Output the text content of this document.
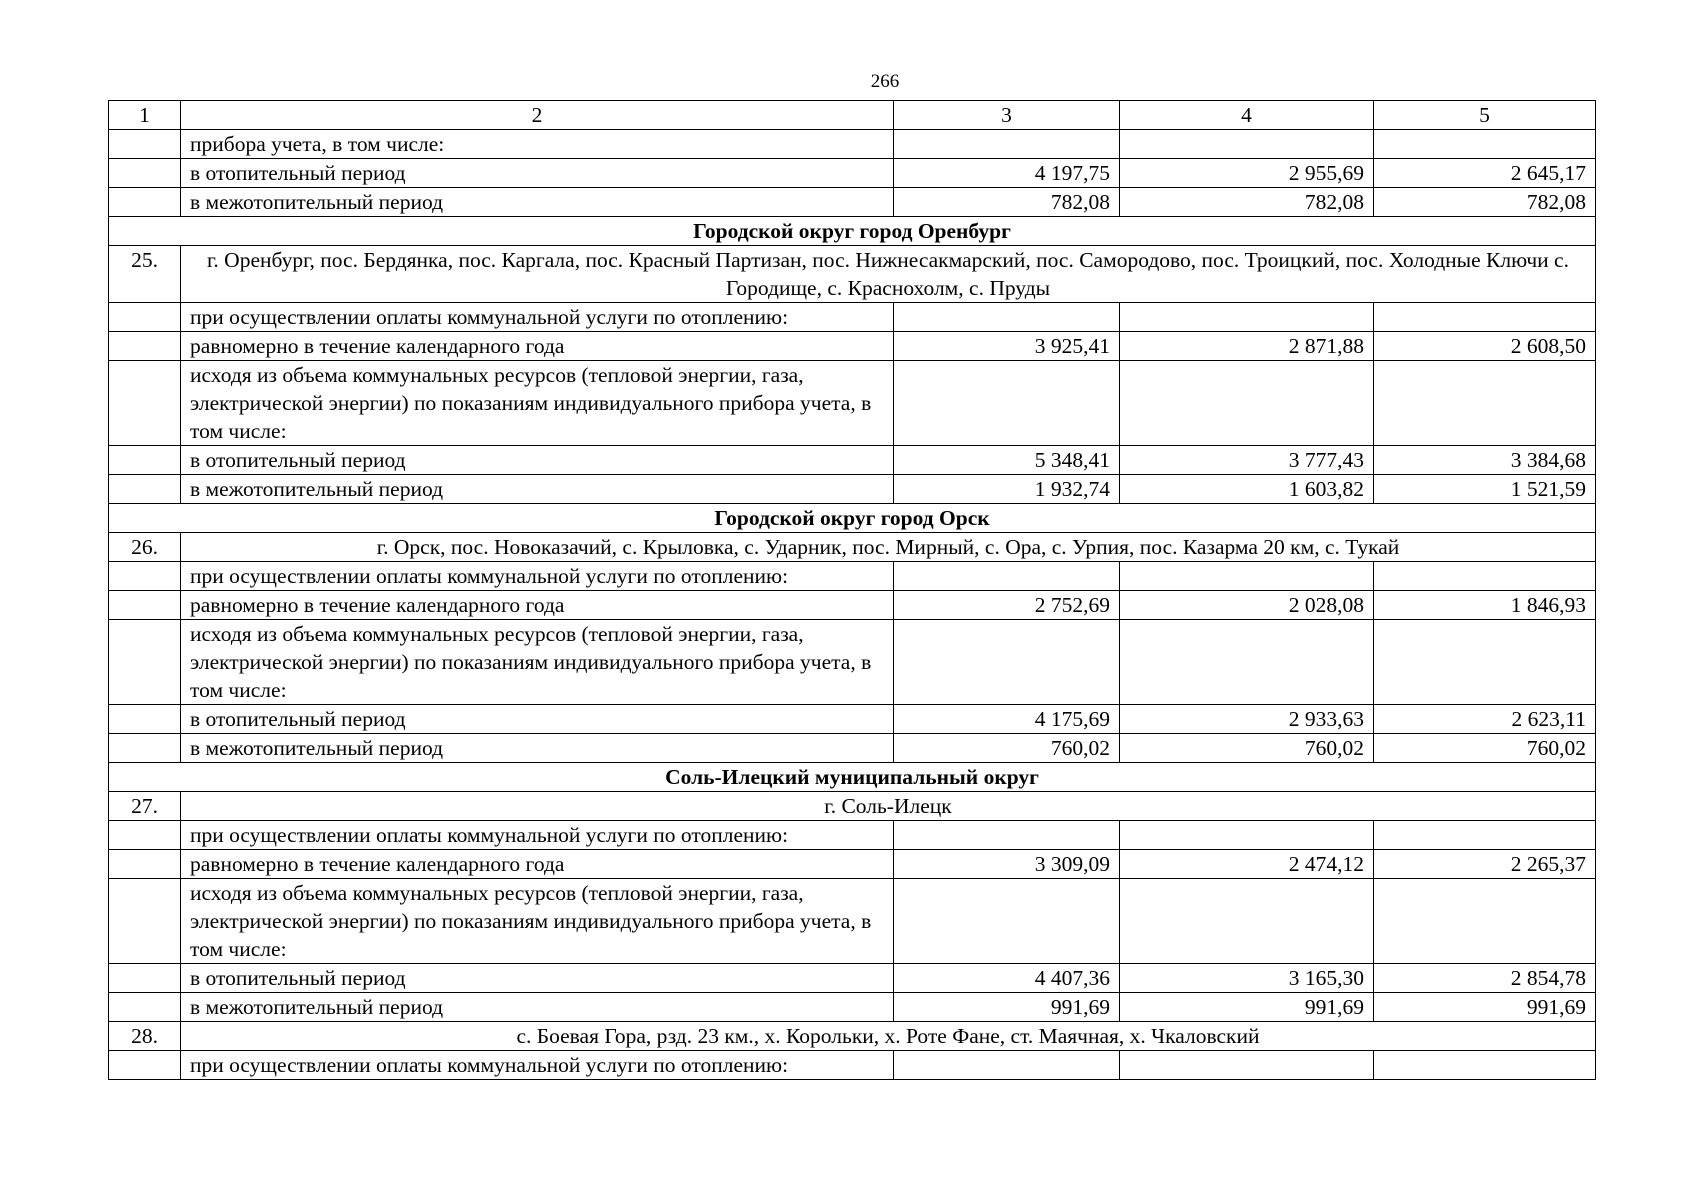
266
1	2	3	4	5
	прибора учета, в том числе:			
	в отопительный период	4 197,75	2 955,69	2 645,17
	в межотопительный период	782,08	782,08	782,08
Городской округ город Оренбург				
25.	г. Оренбург, пос. Бердянка, пос. Каргала, пос. Красный Партизан, пос. Нижнесакмарский, пос. Самородово, пос. Троицкий, пос. Холодные Ключи с. Городище, с. Краснохолм, с. Пруды			
	при осуществлении оплаты коммунальной услуги по отоплению:			
	равномерно в течение календарного года	3 925,41	2 871,88	2 608,50
	исходя из объема коммунальных ресурсов (тепловой энергии, газа, электрической энергии) по показаниям индивидуального прибора учета, в том числе:			
	в отопительный период	5 348,41	3 777,43	3 384,68
	в межотопительный период	1 932,74	1 603,82	1 521,59
Городской округ город Орск				
26.	г. Орск, пос. Новоказачий, с. Крыловка, с. Ударник, пос. Мирный, с. Ора, с. Урпия, пос. Казарма 20 км, с. Тукай			
	при осуществлении оплаты коммунальной услуги по отоплению:			
	равномерно в течение календарного года	2 752,69	2 028,08	1 846,93
	исходя из объема коммунальных ресурсов (тепловой энергии, газа, электрической энергии) по показаниям индивидуального прибора учета, в том числе:			
	в отопительный период	4 175,69	2 933,63	2 623,11
	в межотопительный период	760,02	760,02	760,02
Соль-Илецкий муниципальный округ				
27.	г. Соль-Илецк			
	при осуществлении оплаты коммунальной услуги по отоплению:			
	равномерно в течение календарного года	3 309,09	2 474,12	2 265,37
	исходя из объема коммунальных ресурсов (тепловой энергии, газа, электрической энергии) по показаниям индивидуального прибора учета, в том числе:			
	в отопительный период	4 407,36	3 165,30	2 854,78
	в межотопительный период	991,69	991,69	991,69
28.	с. Боевая Гора, рзд. 23 км., х. Корольки, х. Роте Фане, ст. Маячная, х. Чкаловский			
	при осуществлении оплаты коммунальной услуги по отоплению:			
